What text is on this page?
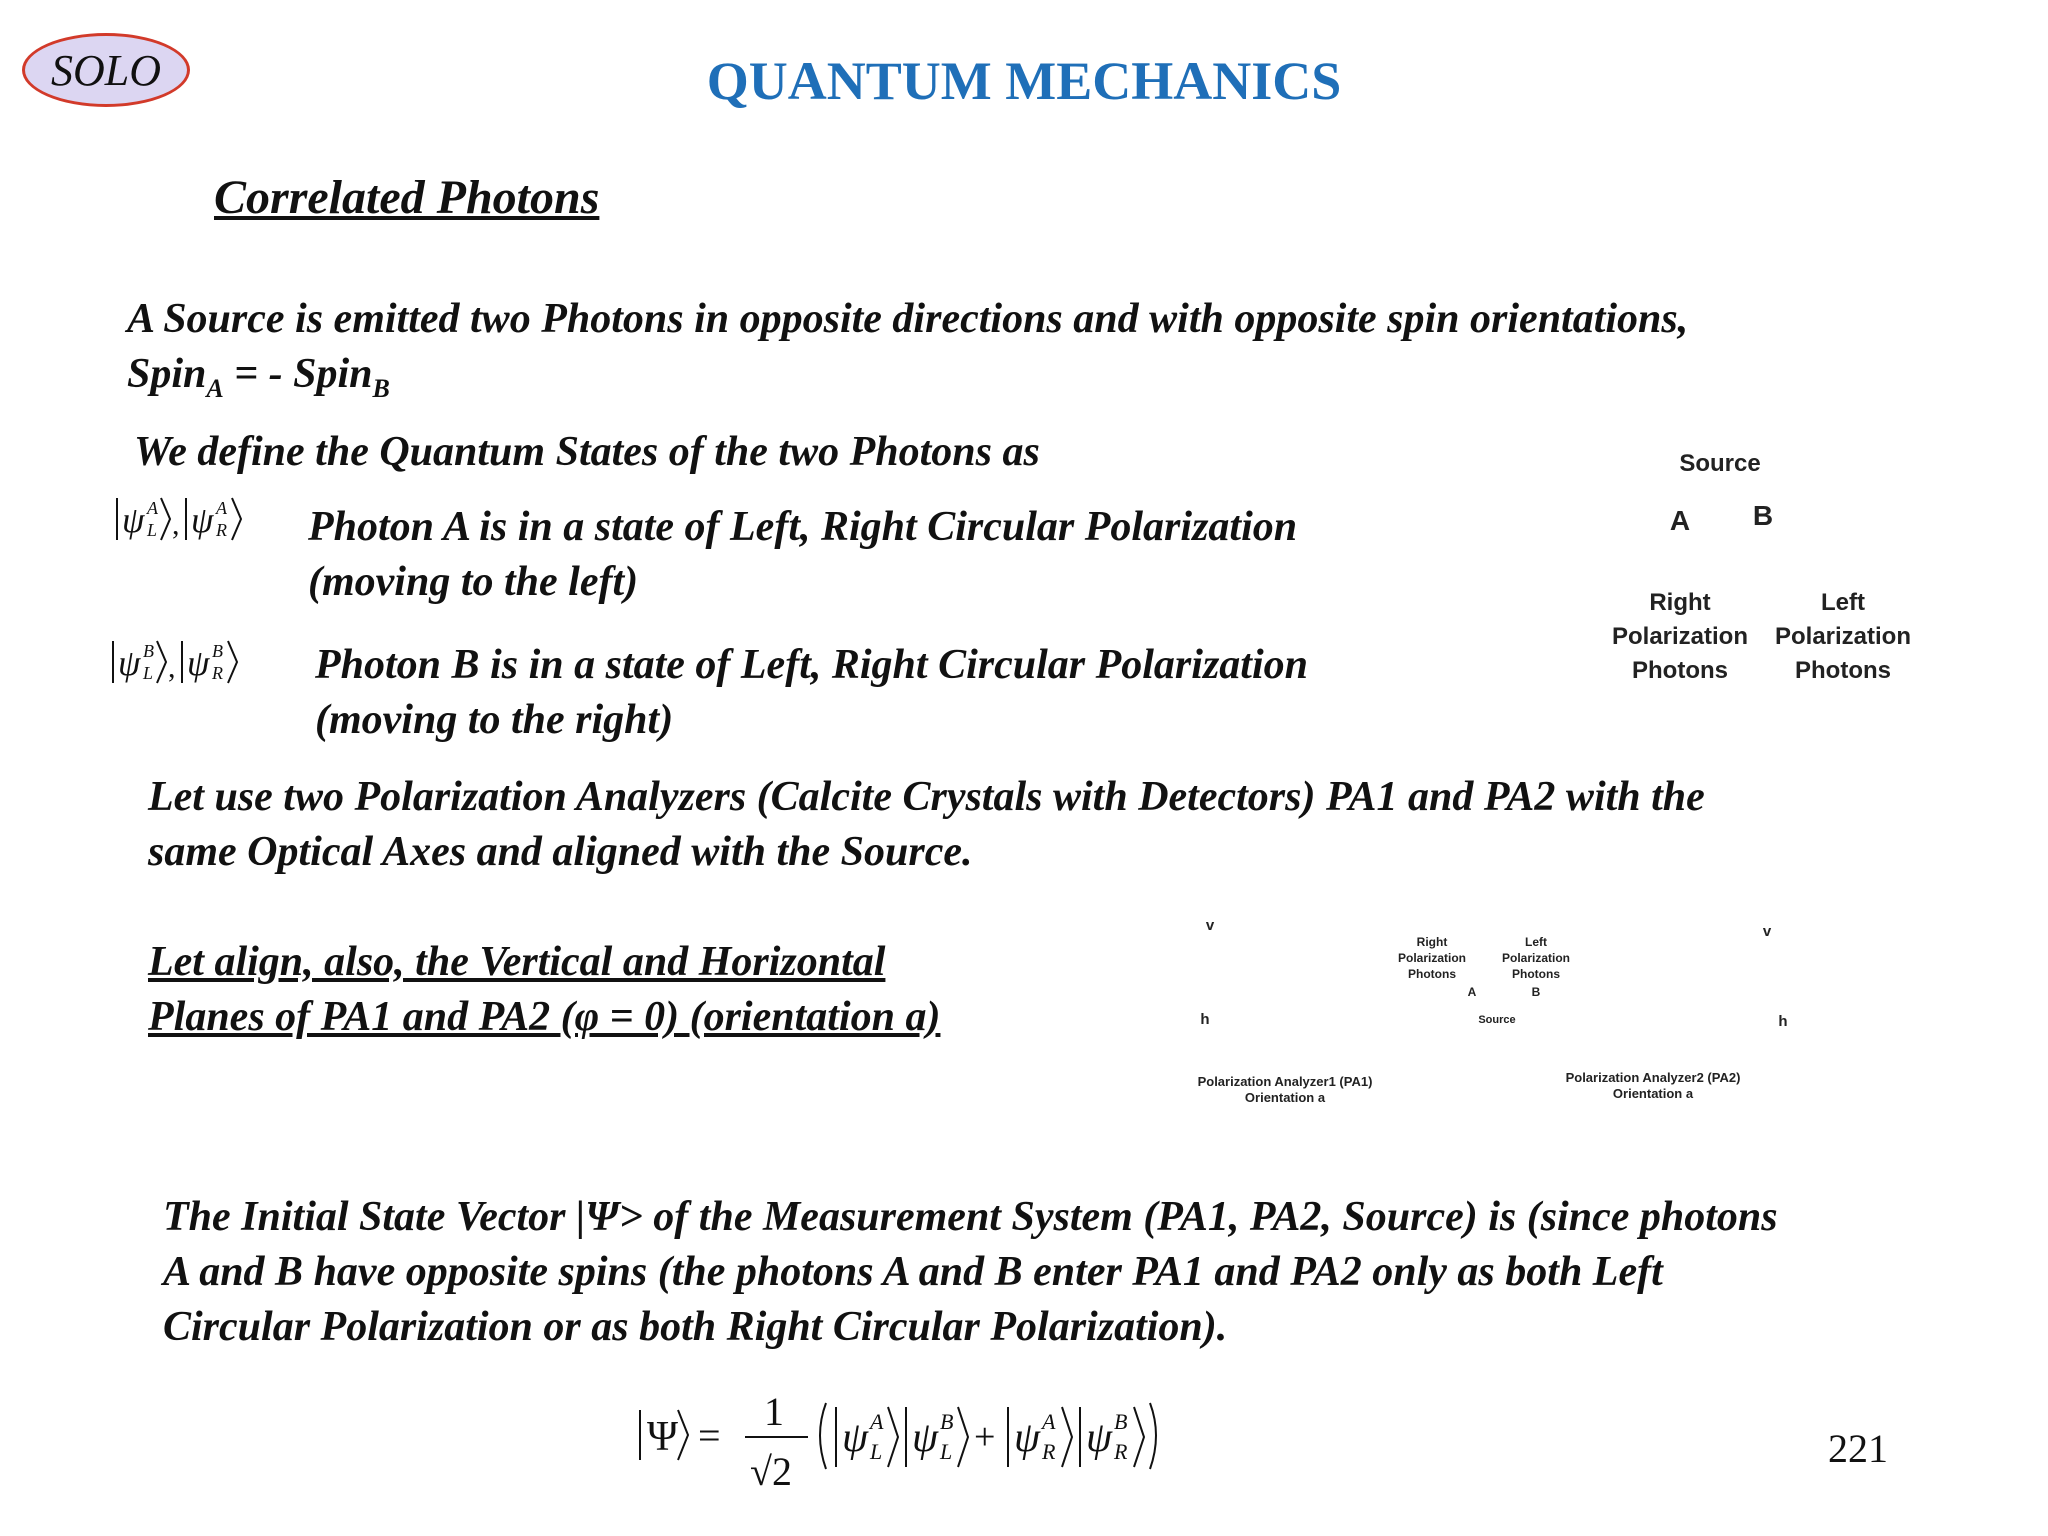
SOLO	QUANTUM MECHANICS
Correlated Photons
A Source is emitted two Photons in opposite directions and with opposite spin orientations,
Spin$_A$ = - Spin$_B$
We define the Quantum States of the two Photons as
ψ A
L , ψ A
R Photon A is in a state of Left, Right Circular Polarization
(moving to the left)
ψ B
L , ψ B
R Photon B is in a state of Left, Right Circular Polarization
(moving to the right)
Source
A B
Right
Polarization
Photons
Left
Polarization
Photons
Let use two Polarization Analyzers (Calcite Crystals with Detectors) PA1 and PA2 with the
same Optical Axes and aligned with the Source.
Let align, also, the Vertical and Horizontal
Planes of PA1 and PA2 (φ = 0) (orientation a)
v
h
v
h
Right
Polarization
Photons
Left
Polarization
Photons
A	B
Source
Polarization Analyzer1 (PA1)
Orientation a
Polarization Analyzer2 (PA2)
Orientation a
The Initial State Vector |Ψ> of the Measurement System (PA1, PA2, Source) is (since photons
A and B have opposite spins (the photons A and B enter PA1 and PA2 only as both Left
Circular Polarization or as both Right Circular Polarization).
Ψ =
1
√2
ψ A
L ψ B
L + ψ A
R ψ B
R	221
